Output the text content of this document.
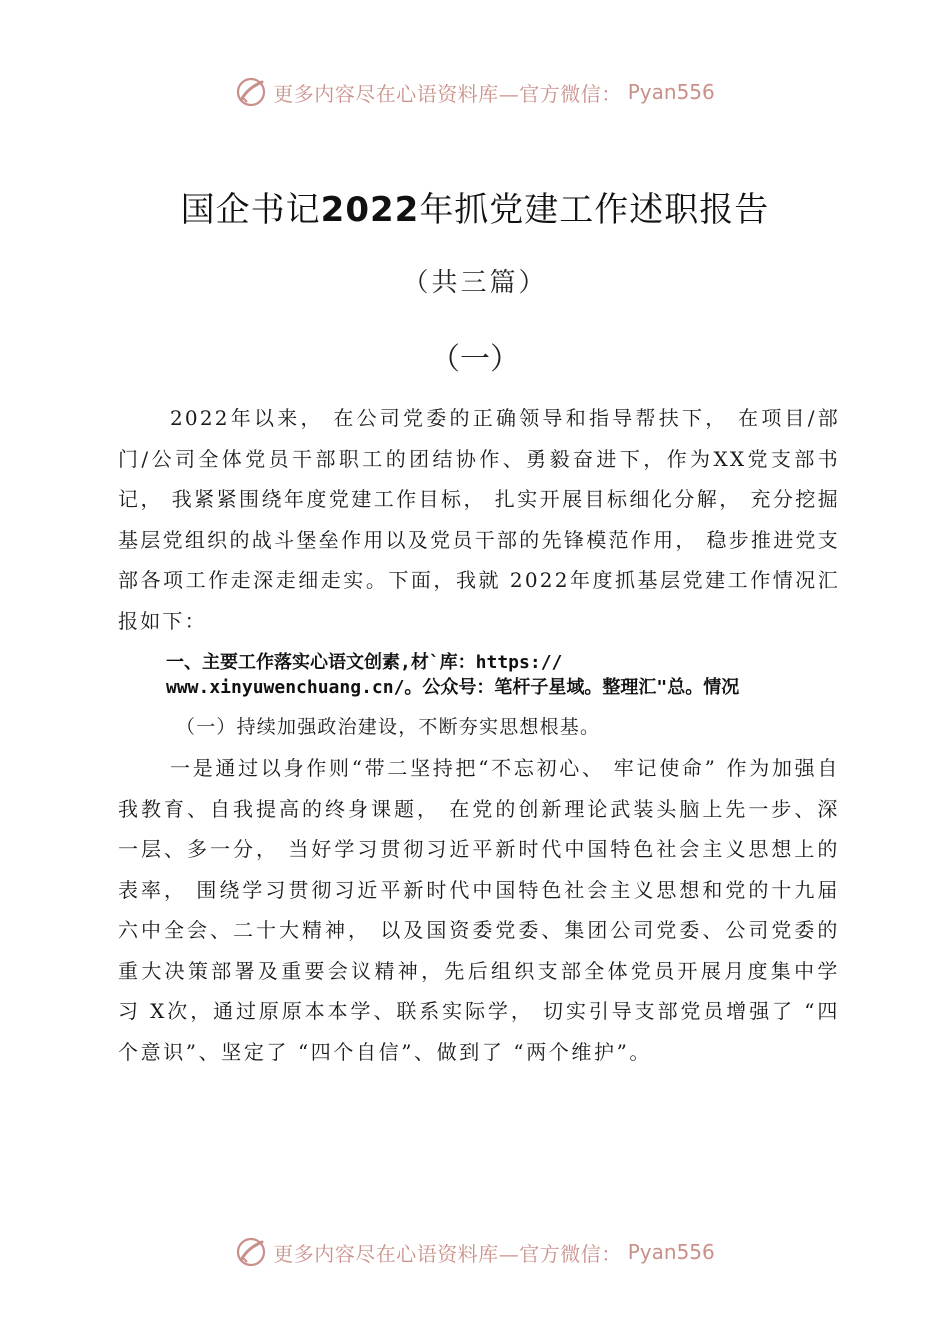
更多内容尽在心语资料库—官方微信： Pyan556
国企书记2022年抓党建工作述职报告
（共三篇）
（一）
2022年以来， 在公司党委的正确领导和指导帮扶下， 在项目/部门/公司全体党员干部职工的团结协作、勇毅奋进下，作为XX党支部书记， 我紧紧围绕年度党建工作目标， 扎实开展目标细化分解， 充分挖掘基层党组织的战斗堡垒作用以及党员干部的先锋模范作用， 稳步推进党支部各项工作走深走细走实。下面，我就 2022年度抓基层党建工作情况汇报如下：
一、主要工作落实心语文创素,材`库：https://
www.xinyuwenchuang.cn/。公众号：笔杆子星域。整理汇"总。情况
（一）持续加强政治建设，不断夯实思想根基。
一是通过以身作则“带二坚持把“不忘初心、 牢记使命” 作为加强自我教育、自我提高的终身课题， 在党的创新理论武装头脑上先一步、深一层、多一分， 当好学习贯彻习近平新时代中国特色社会主义思想上的表率， 围绕学习贯彻习近平新时代中国特色社会主义思想和党的十九届六中全会、二十大精神， 以及国资委党委、集团公司党委、公司党委的重大决策部署及重要会议精神，先后组织支部全体党员开展月度集中学习 X次，通过原原本本学、联系实际学， 切实引导支部党员增强了 “四个意识”、坚定了 “四个自信”、做到了 “两个维护”。
更多内容尽在心语资料库—官方微信： Pyan556
